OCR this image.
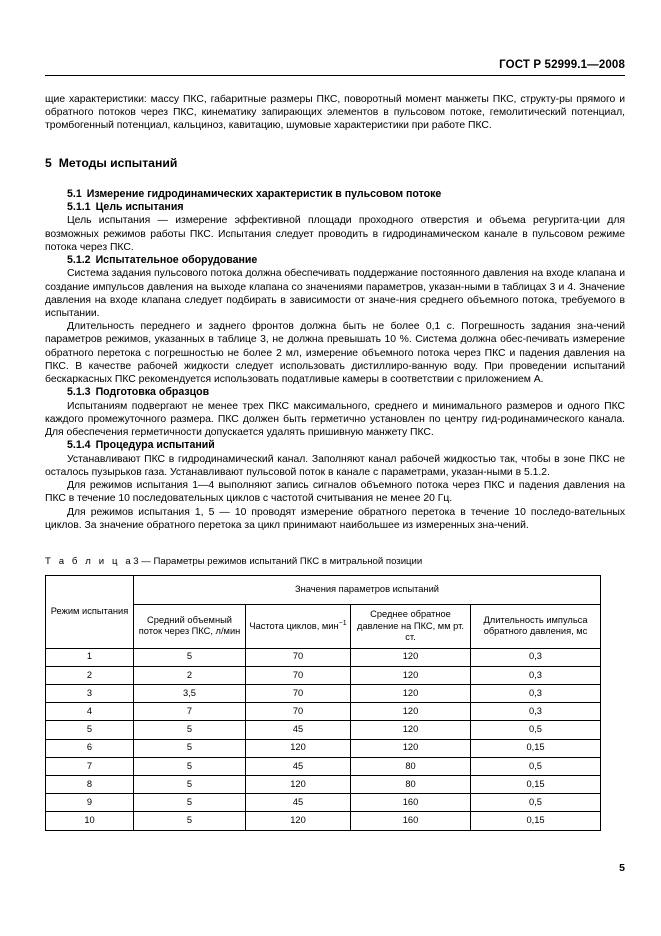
ГОСТ Р 52999.1—2008

щие характеристики: массу ПКС, габаритные размеры ПКС, поворотный момент манжеты ПКС, структу-ры прямого и обратного потоков через ПКС, кинематику запирающих элементов в пульсовом потоке, гемолитический потенциал, тромбогенный потенциал, кальциноз, кавитацию, шумовые характеристики при работе ПКС.

5 Методы испытаний
5.1 Измерение гидродинамических характеристик в пульсовом потоке
5.1.1 Цель испытания

Цель испытания — измерение эффективной площади проходного отверстия и объема регургита-ции для возможных режимов работы ПКС. Испытания следует проводить в гидродинамическом канале в пульсовом режиме потока через ПКС.

5.1.2 Испытательное оборудование

Система задания пульсового потока должна обеспечивать поддержание постоянного давления на входе клапана и создание импульсов давления на выходе клапана со значениями параметров, указан-ными в таблицах 3 и 4. Значение давления на входе клапана следует подбирать в зависимости от значе-ния среднего объемного потока, требуемого в испытании.

Длительность переднего и заднего фронтов должна быть не более 0,1 с. Погрешность задания зна-чений параметров режимов, указанных в таблице 3, не должна превышать 10 %. Система должна обес-печивать измерение обратного перетока с погрешностью не более 2 мл, измерение объемного потока через ПКС и падения давления на ПКС. В качестве рабочей жидкости следует использовать дистиллиро-ванную воду. При проведении испытаний бескаркасных ПКС рекомендуется использовать податливые камеры в соответствии с приложением А.

5.1.3 Подготовка образцов

Испытаниям подвергают не менее трех ПКС максимального, среднего и минимального размеров и одного ПКС каждого промежуточного размера. ПКС должен быть герметично установлен по центру гид-родинамического канала. Для обеспечения герметичности допускается удалять пришивную манжету ПКС.

5.1.4 Процедура испытаний

Устанавливают ПКС в гидродинамический канал. Заполняют канал рабочей жидкостью так, чтобы в зоне ПКС не осталось пузырьков газа. Устанавливают пульсовой поток в канале с параметрами, указан-ными в 5.1.2.

Для режимов испытания 1—4 выполняют запись сигналов объемного потока через ПКС и падения давления на ПКС в течение 10 последовательных циклов с частотой считывания не менее 20 Гц.

Для режимов испытания 1, 5 — 10 проводят измерение обратного перетока в течение 10 последо-вательных циклов. За значение обратного перетока за цикл принимают наибольшее из измеренных зна-чений.

Т а б л и ц а3— Параметры режимов испытаний ПКС в митральной позиции
Режим испытания	Значения параметров испытаний			
	Средний объемный поток через ПКС, л/мин	Частота циклов, мин$^{-1}$	Среднее обратное давление на ПКС, мм рт. ст.	Длительность импульса обратного давления, мс
1	5	70	120	0,3
2	2	70	120	0,3
3	3,5	70	120	0,3
4	7	70	120	0,3
5	5	45	120	0,5
6	5	120	120	0,15
7	5	45	80	0,5
8	5	120	80	0,15
9	5	45	160	0,5
10	5	120	160	0,15
5
